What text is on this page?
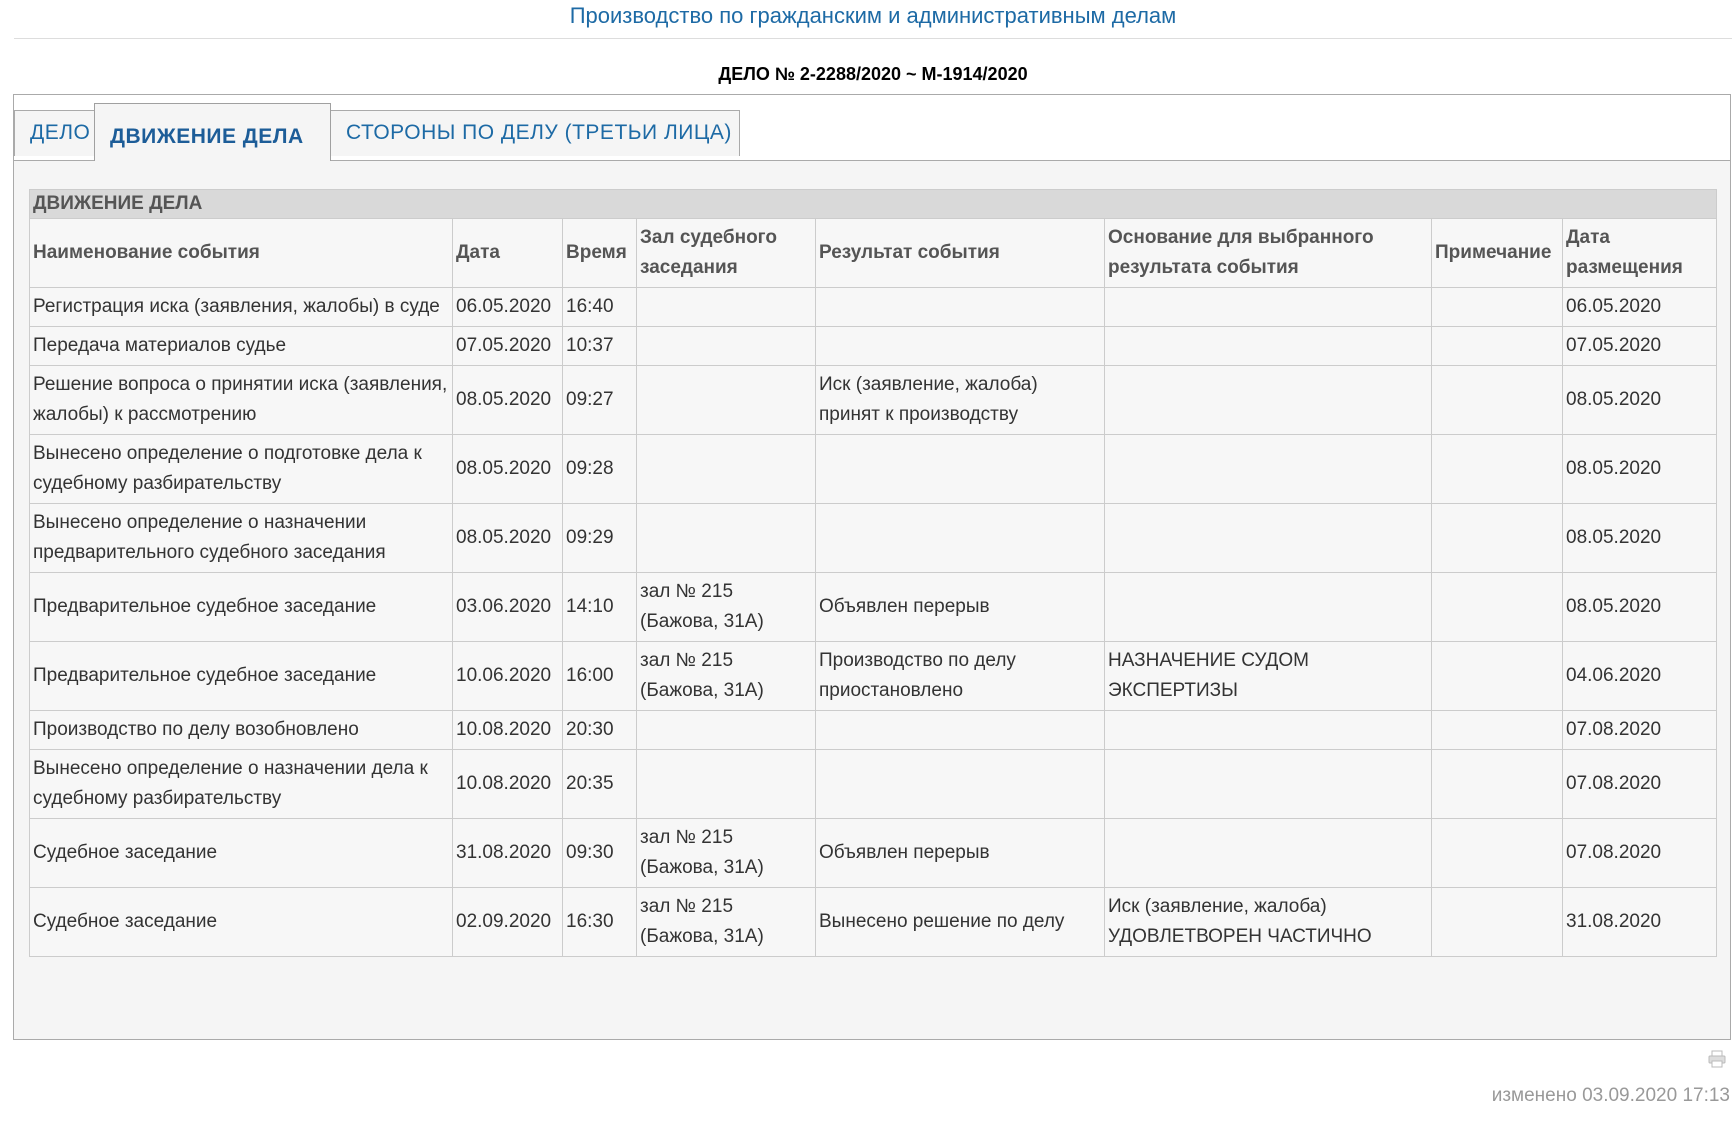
Производство по гражданским и административным делам
ДЕЛО № 2-2288/2020 ~ М-1914/2020
ДЕЛО	СТОРОНЫ ПО ДЕЛУ (ТРЕТЬИ ЛИЦА)
ДВИЖЕНИЕ ДЕЛА
ДВИЖЕНИЕ ДЕЛА							
Наименование события	Дата	Время	Зал судебного заседания	Результат события	Основание для выбранного результата события	Примечание	Дата размещения
Регистрация иска (заявления, жалобы) в суде	06.05.2020	16:40					06.05.2020
Передача материалов судье	07.05.2020	10:37					07.05.2020
Решение вопроса о принятии иска (заявления, жалобы) к рассмотрению	08.05.2020	09:27		Иск (заявление, жалоба) принят к производству			08.05.2020
Вынесено определение о подготовке дела к судебному разбирательству	08.05.2020	09:28					08.05.2020
Вынесено определение о назначении предварительного судебного заседания	08.05.2020	09:29					08.05.2020
Предварительное судебное заседание	03.06.2020	14:10	зал № 215 (Бажова, 31А)	Объявлен перерыв			08.05.2020
Предварительное судебное заседание	10.06.2020	16:00	зал № 215 (Бажова, 31А)	Производство по делу приостановлено	НАЗНАЧЕНИЕ СУДОМ ЭКСПЕРТИЗЫ		04.06.2020
Производство по делу возобновлено	10.08.2020	20:30					07.08.2020
Вынесено определение о назначении дела к судебному разбирательству	10.08.2020	20:35					07.08.2020
Судебное заседание	31.08.2020	09:30	зал № 215 (Бажова, 31А)	Объявлен перерыв			07.08.2020
Судебное заседание	02.09.2020	16:30	зал № 215 (Бажова, 31А)	Вынесено решение по делу	Иск (заявление, жалоба) УДОВЛЕТВОРЕН ЧАСТИЧНО		31.08.2020
изменено 03.09.2020 17:13
